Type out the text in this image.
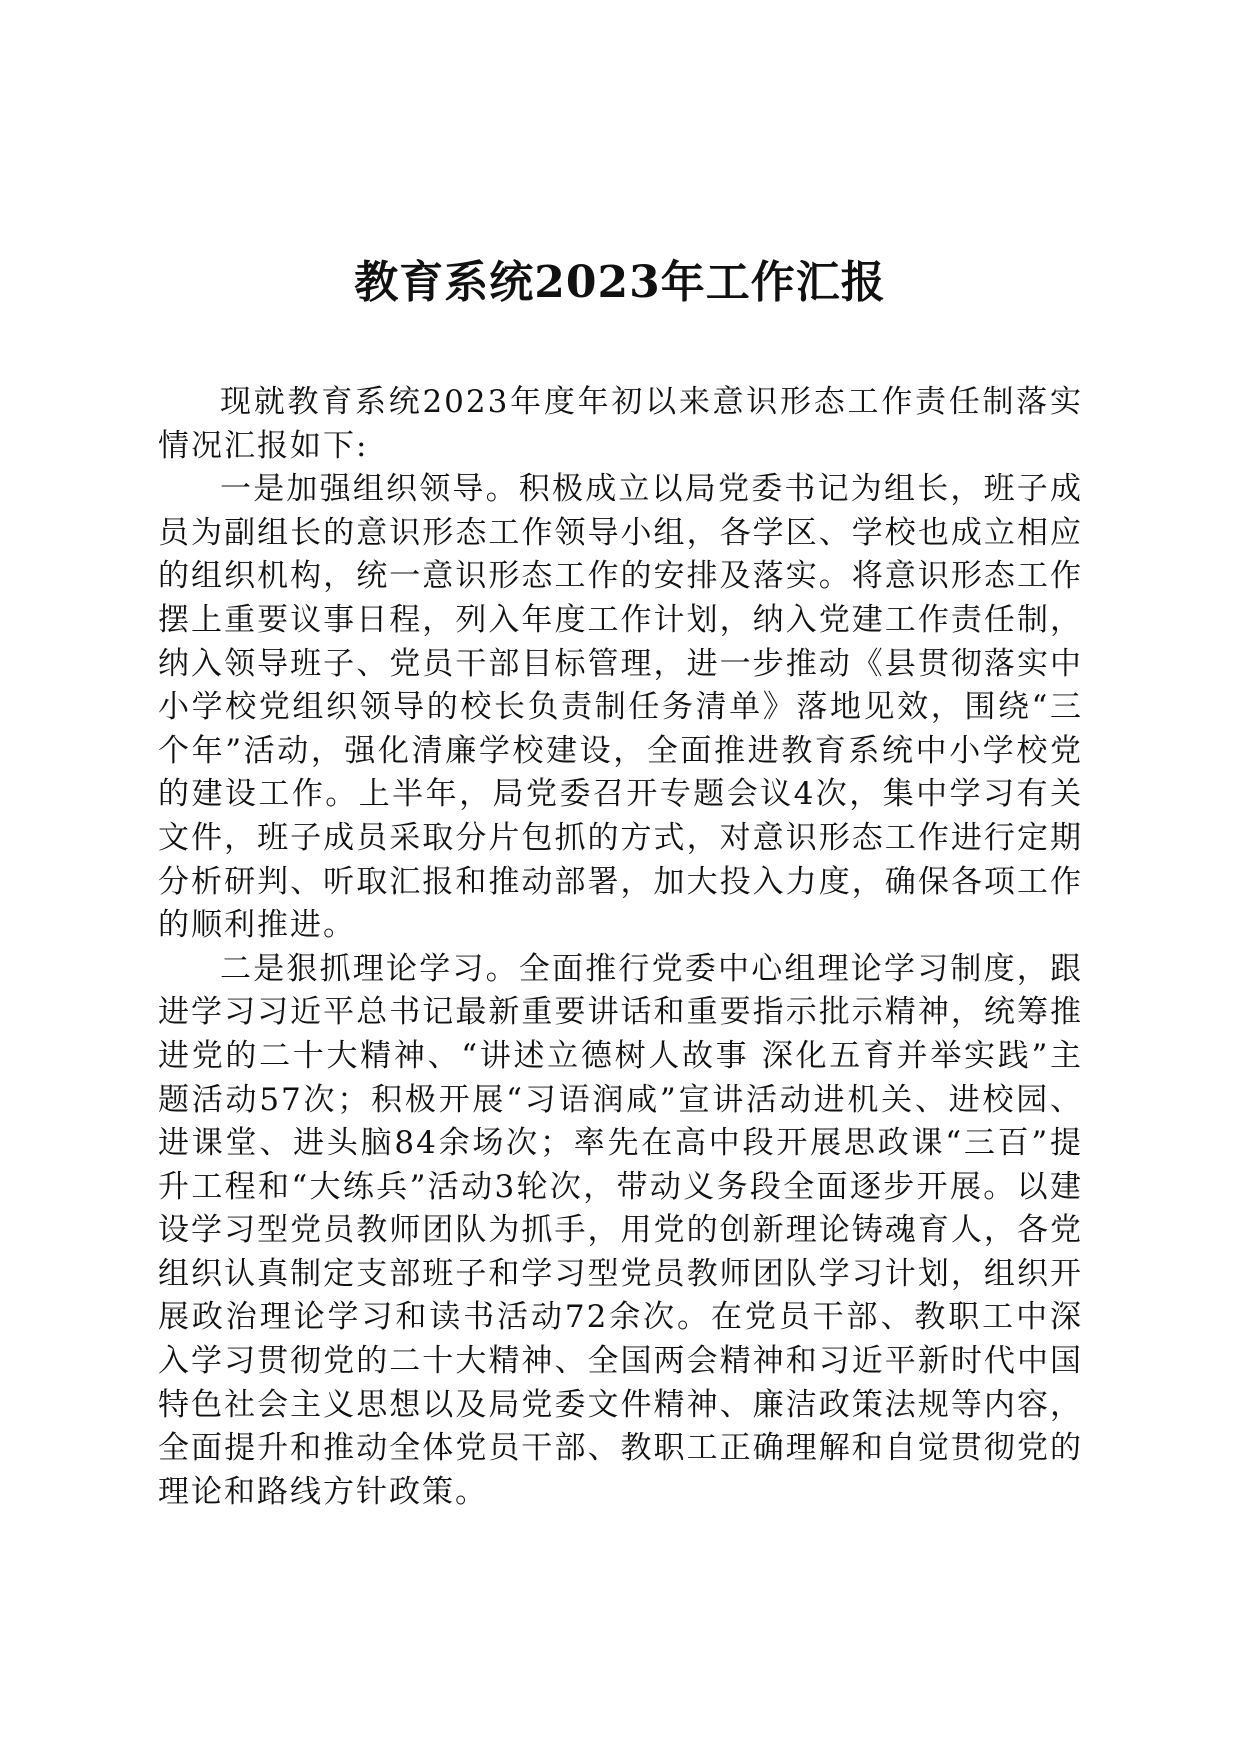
教育系统2023年工作汇报

现就教育系统2023年度年初以来意识形态工作责任制落实情况汇报如下:

一是加强组织领导。积极成立以局党委书记为组长，班子成员为副组长的意识形态工作领导小组，各学区、学校也成立相应的组织机构，统一意识形态工作的安排及落实。将意识形态工作摆上重要议事日程，列入年度工作计划，纳入党建工作责任制，纳入领导班子、党员干部目标管理，进一步推动《县贯彻落实中小学校党组织领导的校长负责制任务清单》落地见效，围绕“三个年”活动，强化清廉学校建设，全面推进教育系统中小学校党的建设工作。上半年，局党委召开专题会议4次，集中学习有关文件，班子成员采取分片包抓的方式，对意识形态工作进行定期分析研判、听取汇报和推动部署，加大投入力度，确保各项工作的顺利推进。

二是狠抓理论学习。全面推行党委中心组理论学习制度，跟进学习习近平总书记最新重要讲话和重要指示批示精神，统筹推进党的二十大精神、“讲述立德树人故事 深化五育并举实践”主题活动57次；积极开展“习语润咸”宣讲活动进机关、进校园、进课堂、进头脑84余场次；率先在高中段开展思政课“三百”提升工程和“大练兵”活动3轮次，带动义务段全面逐步开展。以建设学习型党员教师团队为抓手，用党的创新理论铸魂育人，各党组织认真制定支部班子和学习型党员教师团队学习计划，组织开展政治理论学习和读书活动72余次。在党员干部、教职工中深入学习贯彻党的二十大精神、全国两会精神和习近平新时代中国特色社会主义思想以及局党委文件精神、廉洁政策法规等内容，全面提升和推动全体党员干部、教职工正确理解和自觉贯彻党的理论和路线方针政策。
